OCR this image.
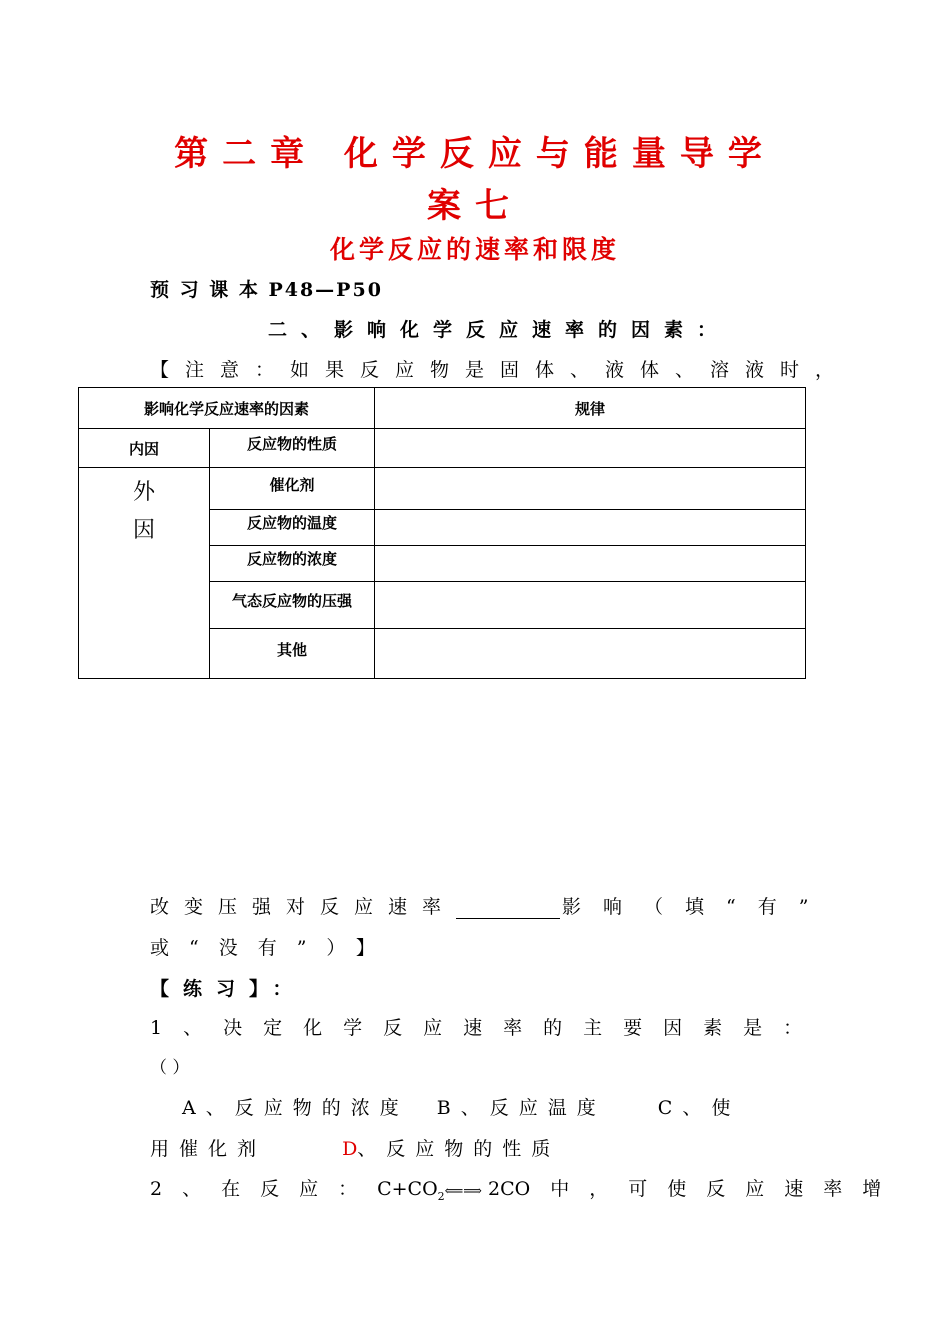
第二章 化学反应与能量导学
案七
化学反应的速率和限度
预 习 课 本 P48—P50
二、影响化学反应速率的因素：
【注意：如果反应物是固体、液体、溶液时，
影响化学反应速率的因素		规律
内因	反应物的性质	

外
因	催化剂	
	反应物的温度	
	反应物的浓度	
	气态反应物的压强	
	其他	
改变压强对反应速率	影响（填“有”
或“没有”）】
【练习】：
1、决定化学反应速率的主要因素是：
（ ）
A、反应物的浓度 B、反应温度	C、使
用催化剂	D、反应物的性质
2、在反应：$C+CO_2⟸⟹$ 2CO 中，可使反应速率增
